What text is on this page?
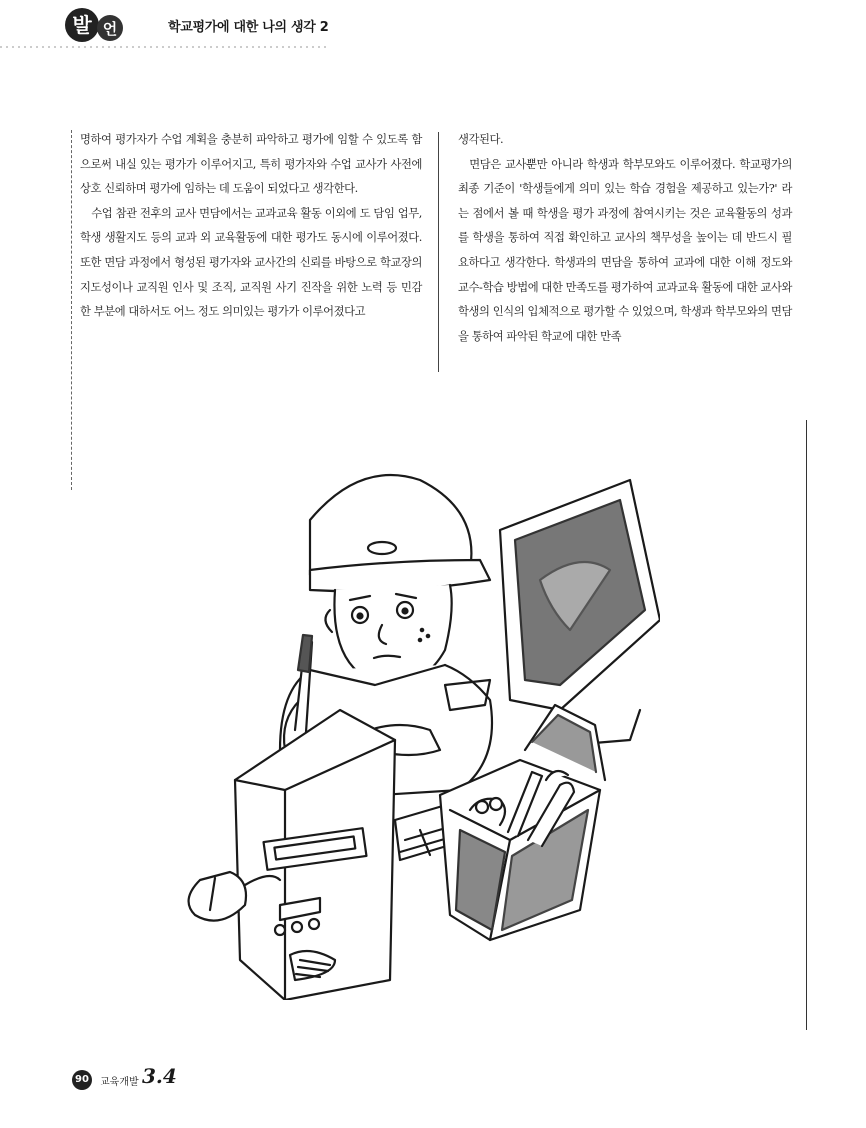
발 언	학교평가에 대한 나의 생각 2

명하여 평가자가 수업 계획을 충분히 파악하고 평가에 임할 수 있도록 함으로써 내실 있는 평가가 이루어지고, 특히 평가자와 수업 교사가 사전에 상호 신뢰하며 평가에 임하는 데 도움이 되었다고 생각한다.

수업 참관 전후의 교사 면담에서는 교과교육 활동 이외에 도 담임 업무, 학생 생활지도 등의 교과 외 교육활동에 대한 평가도 동시에 이루어졌다. 또한 면담 과정에서 형성된 평가자와 교사간의 신뢰를 바탕으로 학교장의 지도성이나 교직원 인사 및 조직, 교직원 사기 진작을 위한 노력 등 민감한 부분에 대하서도 어느 정도 의미있는 평가가 이루어졌다고

생각된다.

면담은 교사뿐만 아니라 학생과 학부모와도 이루어졌다. 학교평가의 최종 기준이 '학생들에게 의미 있는 학습 경험을 제공하고 있는가?' 라는 점에서 볼 때 학생을 평가 과정에 참여시키는 것은 교육활동의 성과를 학생을 통하여 직접 확인하고 교사의 책무성을 높이는 데 반드시 필요하다고 생각한다. 학생과의 면담을 통하여 교과에 대한 이해 정도와 교수-학습 방법에 대한 만족도를 평가하여 교과교육 활동에 대한 교사와 학생의 인식의 입체적으로 평가할 수 있었으며, 학생과 학부모와의 면담을 통하여 파악된 학교에 대한 만족

90	교육개발 3.4
